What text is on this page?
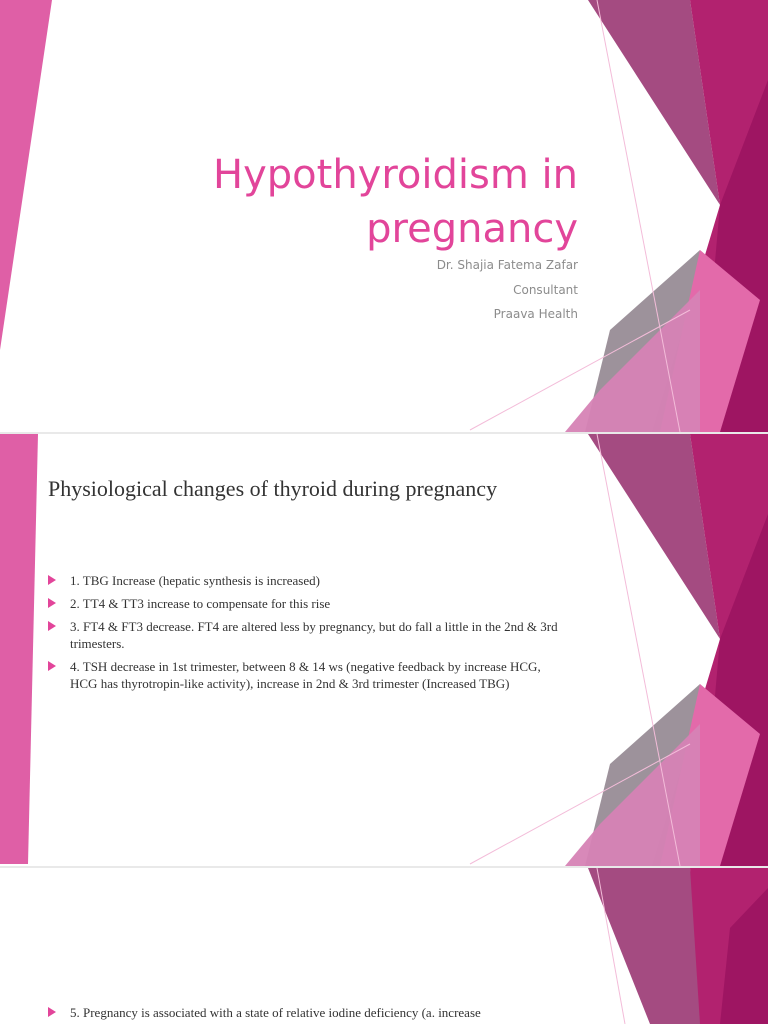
Hypothyroidism in pregnancy
Dr. Shajia Fatema Zafar
Consultant
Praava Health
Physiological changes of thyroid during pregnancy
1. TBG Increase (hepatic synthesis is increased)
2. TT4 & TT3 increase to compensate for this rise
3. FT4 & FT3 decrease. FT4 are altered less by pregnancy, but do fall a little in the 2nd & 3rd trimesters.
4. TSH decrease in 1st trimester, between 8 & 14 ws (negative feedback by increase HCG, HCG has thyrotropin-like activity), increase in 2nd & 3rd trimester (Increased TBG)
5. Pregnancy is associated with a state of relative iodine deficiency (a. increase
